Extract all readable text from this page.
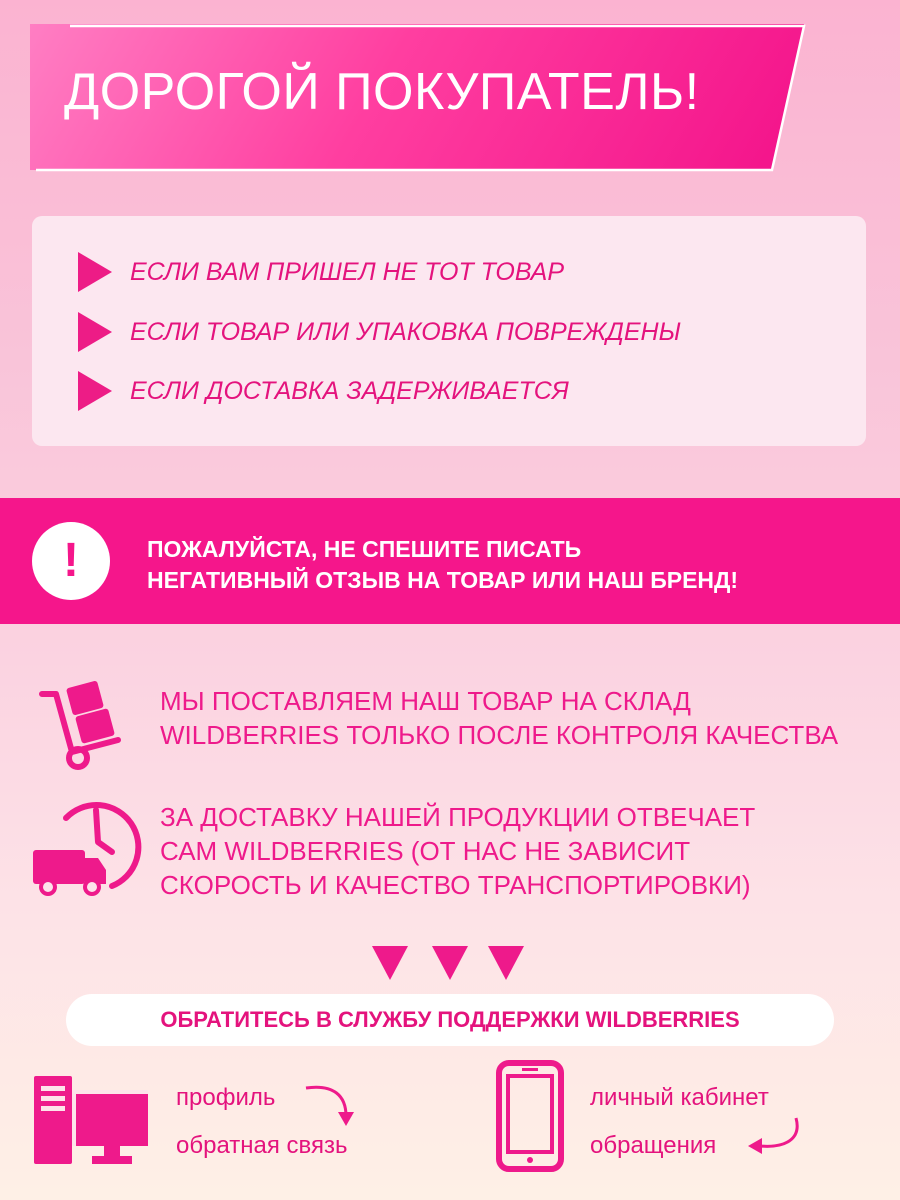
ДОРОГОЙ ПОКУПАТЕЛЬ!
ЕСЛИ ВАМ ПРИШЕЛ НЕ ТОТ ТОВАР
ЕСЛИ ТОВАР ИЛИ УПАКОВКА ПОВРЕЖДЕНЫ
ЕСЛИ ДОСТАВКА ЗАДЕРЖИВАЕТСЯ
!	ПОЖАЛУЙСТА, НЕ СПЕШИТЕ ПИСАТЬ
НЕГАТИВНЫЙ ОТЗЫВ НА ТОВАР ИЛИ НАШ БРЕНД!
МЫ ПОСТАВЛЯЕМ НАШ ТОВАР НА СКЛАД
WILDBERRIES ТОЛЬКО ПОСЛЕ КОНТРОЛЯ КАЧЕСТВА
ЗА ДОСТАВКУ НАШЕЙ ПРОДУКЦИИ ОТВЕЧАЕТ
САМ WILDBERRIES (ОТ НАС НЕ ЗАВИСИТ
СКОРОСТЬ И КАЧЕСТВО ТРАНСПОРТИРОВКИ)
ОБРАТИТЕСЬ В СЛУЖБУ ПОДДЕРЖКИ WILDBERRIES
профиль
обратная связь
личный кабинет
обращения
